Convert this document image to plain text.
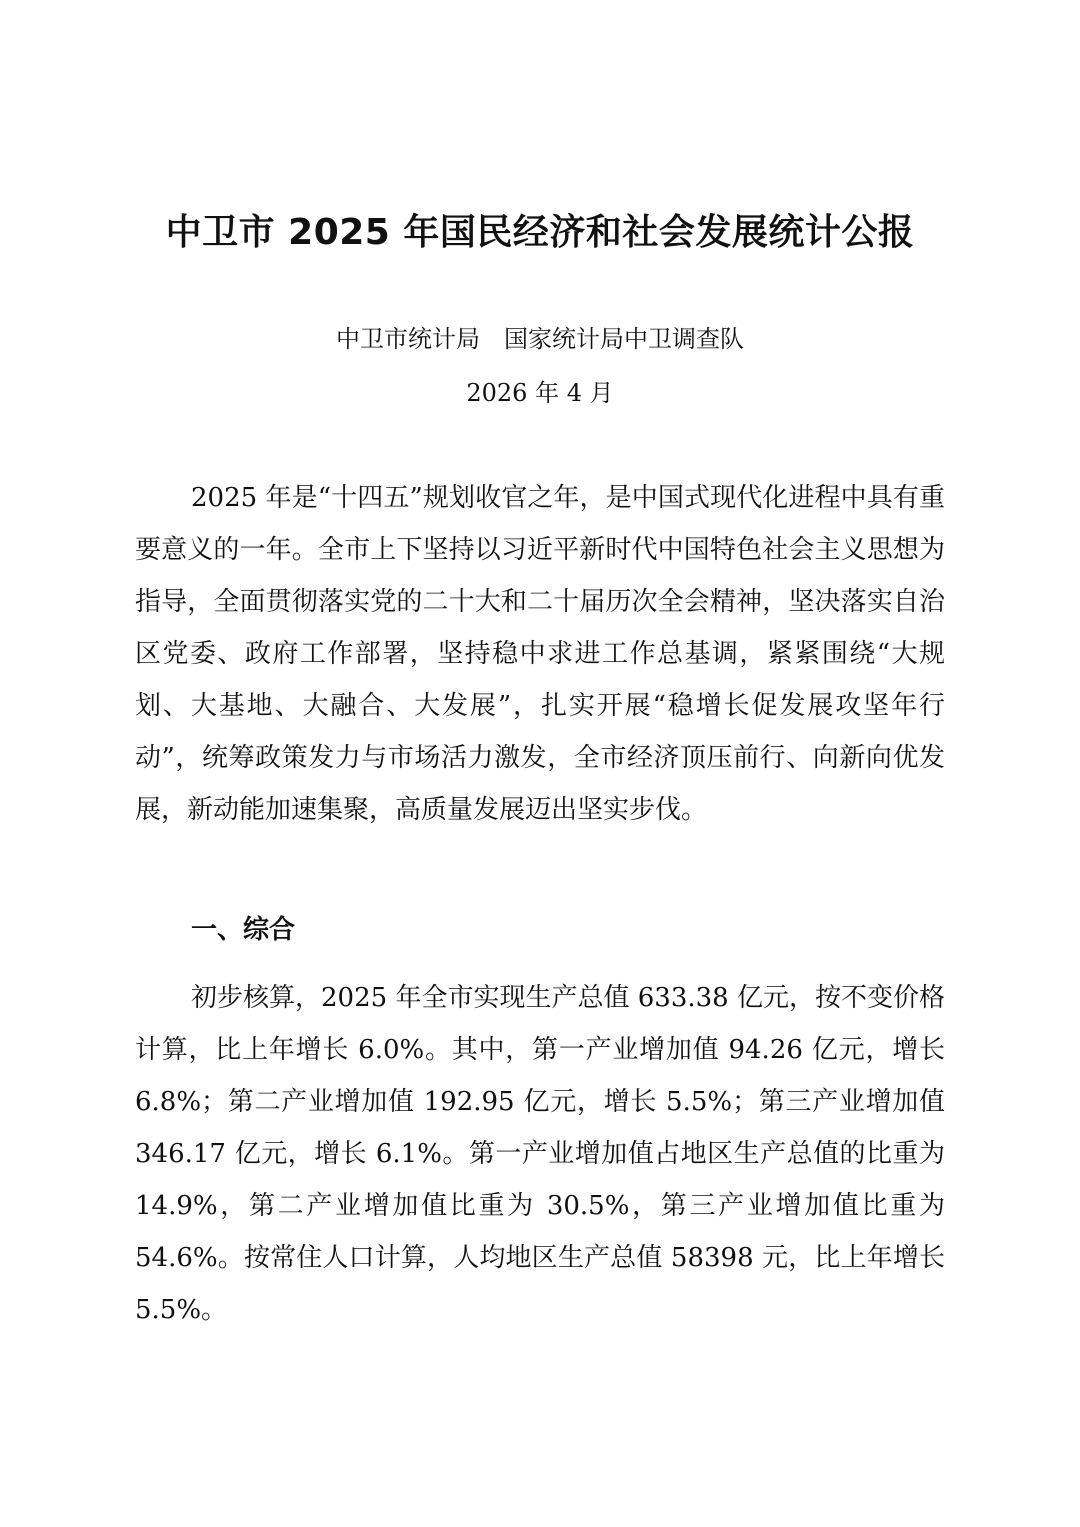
中卫市 2025 年国民经济和社会发展统计公报

中卫市统计局　国家统计局中卫调查队

2026 年 4 月

2025 年是“十四五”规划收官之年，是中国式现代化进程中具有重要意义的一年。全市上下坚持以习近平新时代中国特色社会主义思想为指导，全面贯彻落实党的二十大和二十届历次全会精神，坚决落实自治区党委、政府工作部署，坚持稳中求进工作总基调，紧紧围绕“大规划、大基地、大融合、大发展”，扎实开展“稳增长促发展攻坚年行动”，统筹政策发力与市场活力激发，全市经济顶压前行、向新向优发展，新动能加速集聚，高质量发展迈出坚实步伐。

一、综合

初步核算，2025 年全市实现生产总值 633.38 亿元，按不变价格计算，比上年增长 6.0%。其中，第一产业增加值 94.26 亿元，增长 6.8%；第二产业增加值 192.95 亿元，增长 5.5%；第三产业增加值 346.17 亿元，增长 6.1%。第一产业增加值占地区生产总值的比重为 14.9%，第二产业增加值比重为 30.5%，第三产业增加值比重为 54.6%。按常住人口计算，人均地区生产总值 58398 元，比上年增长 5.5%。
